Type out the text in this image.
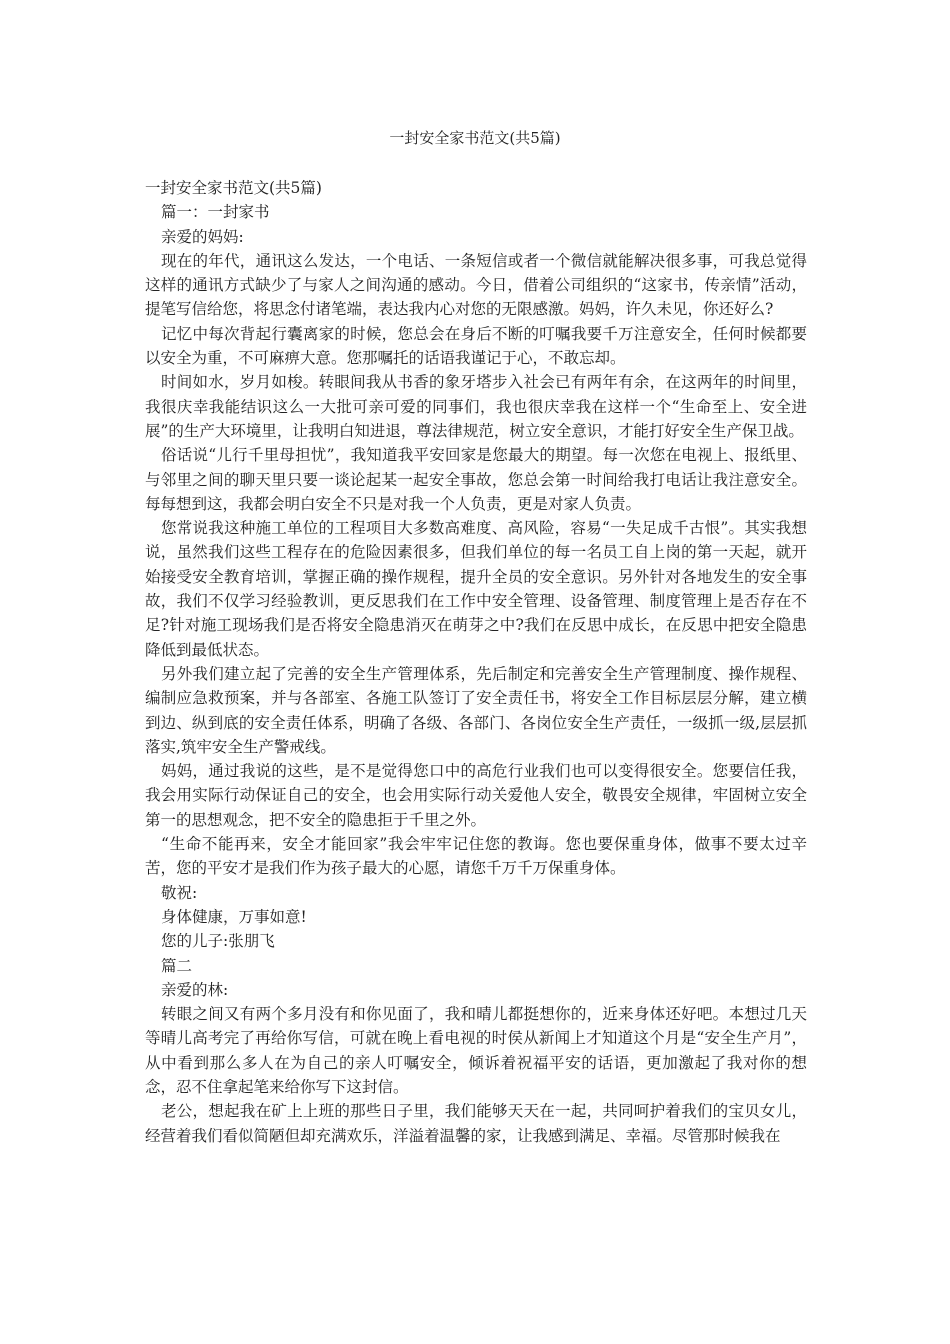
一封安全家书范文(共5篇)

一封安全家书范文(共5篇)

篇一：一封家书

亲爱的妈妈:

现在的年代，通讯这么发达，一个电话、一条短信或者一个微信就能解决很多事，可我总觉得这样的通讯方式缺少了与家人之间沟通的感动。今日，借着公司组织的“这家书，传亲情”活动，提笔写信给您，将思念付诸笔端，表达我内心对您的无限感激。妈妈，许久未见，你还好么?

记忆中每次背起行囊离家的时候，您总会在身后不断的叮嘱我要千万注意安全，任何时候都要以安全为重，不可麻痹大意。您那嘱托的话语我谨记于心，不敢忘却。

时间如水，岁月如梭。转眼间我从书香的象牙塔步入社会已有两年有余，在这两年的时间里，我很庆幸我能结识这么一大批可亲可爱的同事们，我也很庆幸我在这样一个“生命至上、安全进展”的生产大环境里，让我明白知进退，尊法律规范，树立安全意识，才能打好安全生产保卫战。

俗话说“儿行千里母担忧”，我知道我平安回家是您最大的期望。每一次您在电视上、报纸里、与邻里之间的聊天里只要一谈论起某一起安全事故，您总会第一时间给我打电话让我注意安全。每每想到这，我都会明白安全不只是对我一个人负责，更是对家人负责。

您常说我这种施工单位的工程项目大多数高难度、高风险，容易“一失足成千古恨”。其实我想说，虽然我们这些工程存在的危险因素很多，但我们单位的每一名员工自上岗的第一天起，就开始接受安全教育培训，掌握正确的操作规程，提升全员的安全意识。另外针对各地发生的安全事故，我们不仅学习经验教训，更反思我们在工作中安全管理、设备管理、制度管理上是否存在不足?针对施工现场我们是否将安全隐患消灭在萌芽之中?我们在反思中成长，在反思中把安全隐患降低到最低状态。

另外我们建立起了完善的安全生产管理体系，先后制定和完善安全生产管理制度、操作规程、编制应急救预案，并与各部室、各施工队签订了安全责任书，将安全工作目标层层分解，建立横到边、纵到底的安全责任体系，明确了各级、各部门、各岗位安全生产责任，一级抓一级,层层抓落实,筑牢安全生产警戒线。

妈妈，通过我说的这些，是不是觉得您口中的高危行业我们也可以变得很安全。您要信任我，我会用实际行动保证自己的安全，也会用实际行动关爱他人安全，敬畏安全规律，牢固树立安全第一的思想观念，把不安全的隐患拒于千里之外。

“生命不能再来，安全才能回家”我会牢牢记住您的教诲。您也要保重身体，做事不要太过辛苦，您的平安才是我们作为孩子最大的心愿，请您千万千万保重身体。

敬祝:

身体健康，万事如意!

您的儿子:张朋飞

篇二

亲爱的林:

转眼之间又有两个多月没有和你见面了，我和晴儿都挺想你的，近来身体还好吧。本想过几天等晴儿高考完了再给你写信，可就在晚上看电视的时侯从新闻上才知道这个月是“安全生产月”，从中看到那么多人在为自己的亲人叮嘱安全，倾诉着祝福平安的话语，更加激起了我对你的想念，忍不住拿起笔来给你写下这封信。

老公，想起我在矿上上班的那些日子里，我们能够天天在一起，共同呵护着我们的宝贝女儿，经营着我们看似简陋但却充满欢乐，洋溢着温馨的家，让我感到满足、幸福。尽管那时候我在
